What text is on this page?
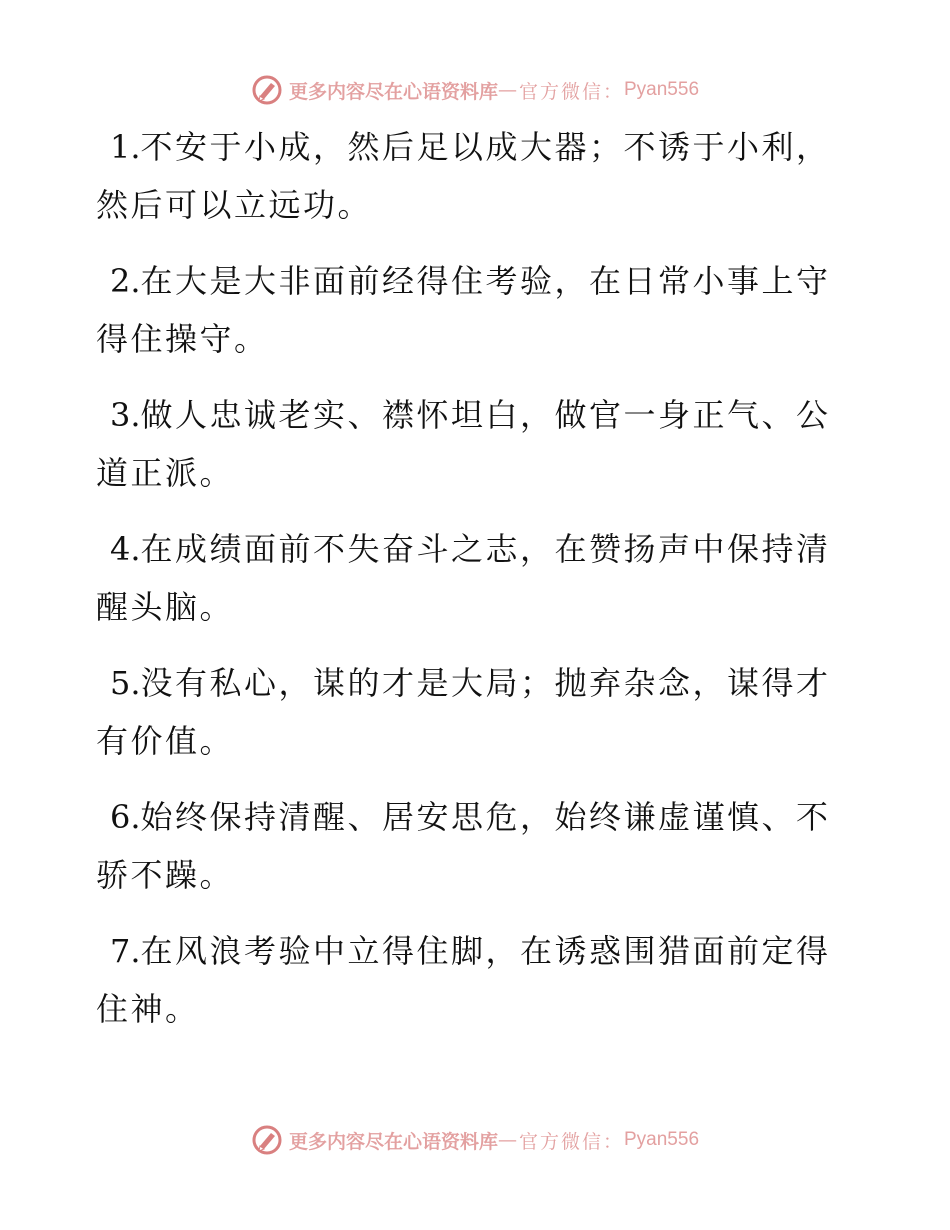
更多内容尽在心语资料库 — 官方微信： Pyan556

1.不安于小成，然后足以成大器；不诱于小利，然后可以立远功。

2.在大是大非面前经得住考验，在日常小事上守得住操守。

3.做人忠诚老实、襟怀坦白，做官一身正气、公道正派。

4.在成绩面前不失奋斗之志，在赞扬声中保持清醒头脑。

5.没有私心，谋的才是大局；抛弃杂念，谋得才有价值。

6.始终保持清醒、居安思危，始终谦虚谨慎、不骄不躁。

7.在风浪考验中立得住脚，在诱惑围猎面前定得住神。

更多内容尽在心语资料库 — 官方微信： Pyan556
